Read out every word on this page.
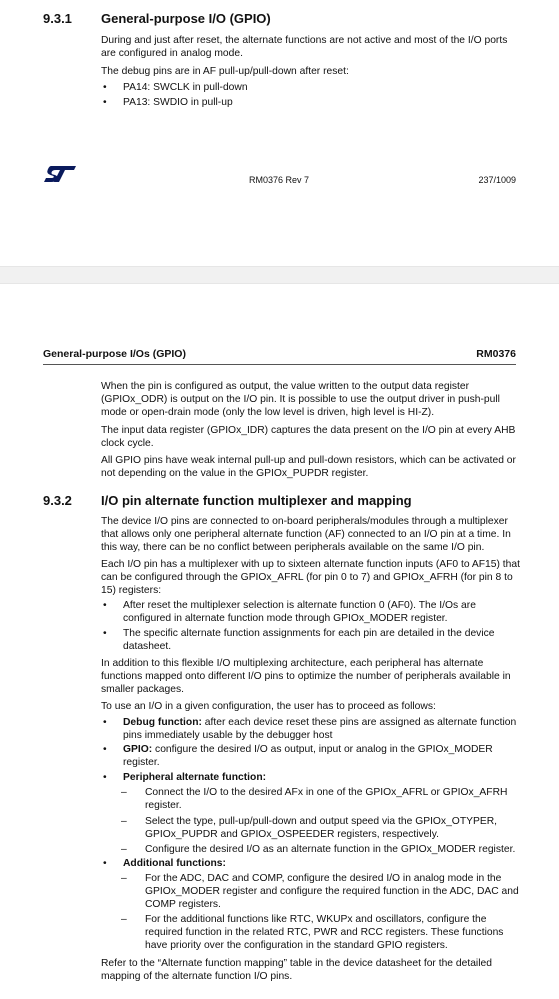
9.3.1 General-purpose I/O (GPIO)

During and just after reset, the alternate functions are not active and most of the I/O ports are configured in analog mode.

The debug pins are in AF pull-up/pull-down after reset:

• PA14: SWCLK in pull-down
• PA13: SWDIO in pull-up
RM0376 Rev 7	237/1009
General-purpose I/Os (GPIO)	RM0376

When the pin is configured as output, the value written to the output data register (GPIOx_ODR) is output on the I/O pin. It is possible to use the output driver in push-pull mode or open-drain mode (only the low level is driven, high level is HI-Z).

The input data register (GPIOx_IDR) captures the data present on the I/O pin at every AHB clock cycle.

All GPIO pins have weak internal pull-up and pull-down resistors, which can be activated or not depending on the value in the GPIOx_PUPDR register.

9.3.2 I/O pin alternate function multiplexer and mapping

The device I/O pins are connected to on-board peripherals/modules through a multiplexer that allows only one peripheral alternate function (AF) connected to an I/O pin at a time. In this way, there can be no conflict between peripherals available on the same I/O pin.

Each I/O pin has a multiplexer with up to sixteen alternate function inputs (AF0 to AF15) that can be configured through the GPIOx_AFRL (for pin 0 to 7) and GPIOx_AFRH (for pin 8 to 15) registers:

• After reset the multiplexer selection is alternate function 0 (AF0). The I/Os are configured in alternate function mode through GPIOx_MODER register.
• The specific alternate function assignments for each pin are detailed in the device datasheet.

In addition to this flexible I/O multiplexing architecture, each peripheral has alternate functions mapped onto different I/O pins to optimize the number of peripherals available in smaller packages.

To use an I/O in a given configuration, the user has to proceed as follows:

• Debug function: after each device reset these pins are assigned as alternate function pins immediately usable by the debugger host
• GPIO: configure the desired I/O as output, input or analog in the GPIOx_MODER register.
• Peripheral alternate function:
– Connect the I/O to the desired AFx in one of the GPIOx_AFRL or GPIOx_AFRH register.
– Select the type, pull-up/pull-down and output speed via the GPIOx_OTYPER, GPIOx_PUPDR and GPIOx_OSPEEDER registers, respectively.
– Configure the desired I/O as an alternate function in the GPIOx_MODER register.
• Additional functions:
– For the ADC, DAC and COMP, configure the desired I/O in analog mode in the GPIOx_MODER register and configure the required function in the ADC, DAC and COMP registers.
– For the additional functions like RTC, WKUPx and oscillators, configure the required function in the related RTC, PWR and RCC registers. These functions have priority over the configuration in the standard GPIO registers.

Refer to the “Alternate function mapping” table in the device datasheet for the detailed mapping of the alternate function I/O pins.
